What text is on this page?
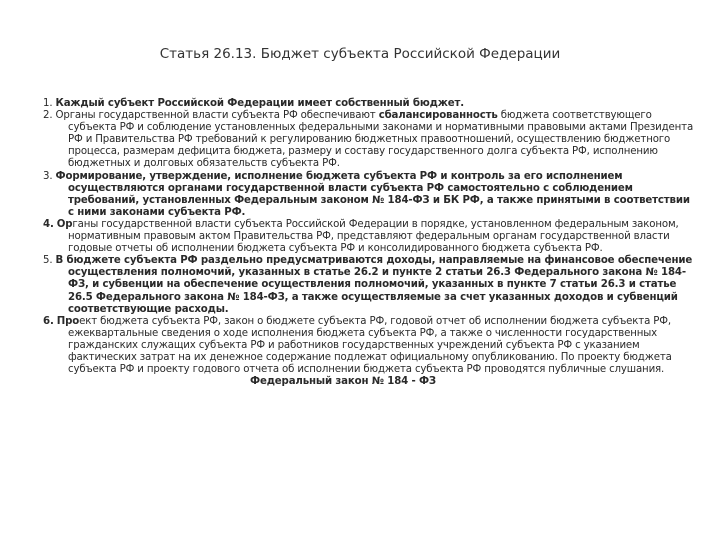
Статья 26.13. Бюджет субъекта Российской Федерации

1. Каждый субъект Российской Федерации имеет собственный бюджет.

2. Органы государственной власти субъекта РФ обеспечивают сбалансированность бюджета соответствующего субъекта РФ и соблюдение установленных федеральными законами и нормативными правовыми актами Президента РФ и Правительства РФ требований к регулированию бюджетных правоотношений, осуществлению бюджетного процесса, размерам дефицита бюджета, размеру и составу государственного долга субъекта РФ, исполнению бюджетных и долговых обязательств субъекта РФ.

3. Формирование, утверждение, исполнение бюджета субъекта РФ и контроль за его исполнением осуществляются органами государственной власти субъекта РФ самостоятельно с соблюдением требований, установленных Федеральным законом № 184-ФЗ и БК РФ, а также принятыми в соответствии с ними законами субъекта РФ.

4. Органы государственной власти субъекта Российской Федерации в порядке, установленном федеральным законом, нормативным правовым актом Правительства РФ, представляют федеральным органам государственной власти годовые отчеты об исполнении бюджета субъекта РФ и консолидированного бюджета субъекта РФ.

5. В бюджете субъекта РФ раздельно предусматриваются доходы, направляемые на финансовое обеспечение осуществления полномочий, указанных в статье 26.2 и пункте 2 статьи 26.3 Федерального закона № 184-ФЗ, и субвенции на обеспечение осуществления полномочий, указанных в пункте 7 статьи 26.3 и статье 26.5 Федерального закона № 184-ФЗ, а также осуществляемые за счет указанных доходов и субвенций соответствующие расходы.

6. Проект бюджета субъекта РФ, закон о бюджете субъекта РФ, годовой отчет об исполнении бюджета субъекта РФ, ежеквартальные сведения о ходе исполнения бюджета субъекта РФ, а также о численности государственных гражданских служащих субъекта РФ и работников государственных учреждений субъекта РФ с указанием фактических затрат на их денежное содержание подлежат официальному опубликованию. По проекту бюджета субъекта РФ и проекту годового отчета об исполнении бюджета субъекта РФ проводятся публичные слушания.

Федеральный закон № 184 - ФЗ
